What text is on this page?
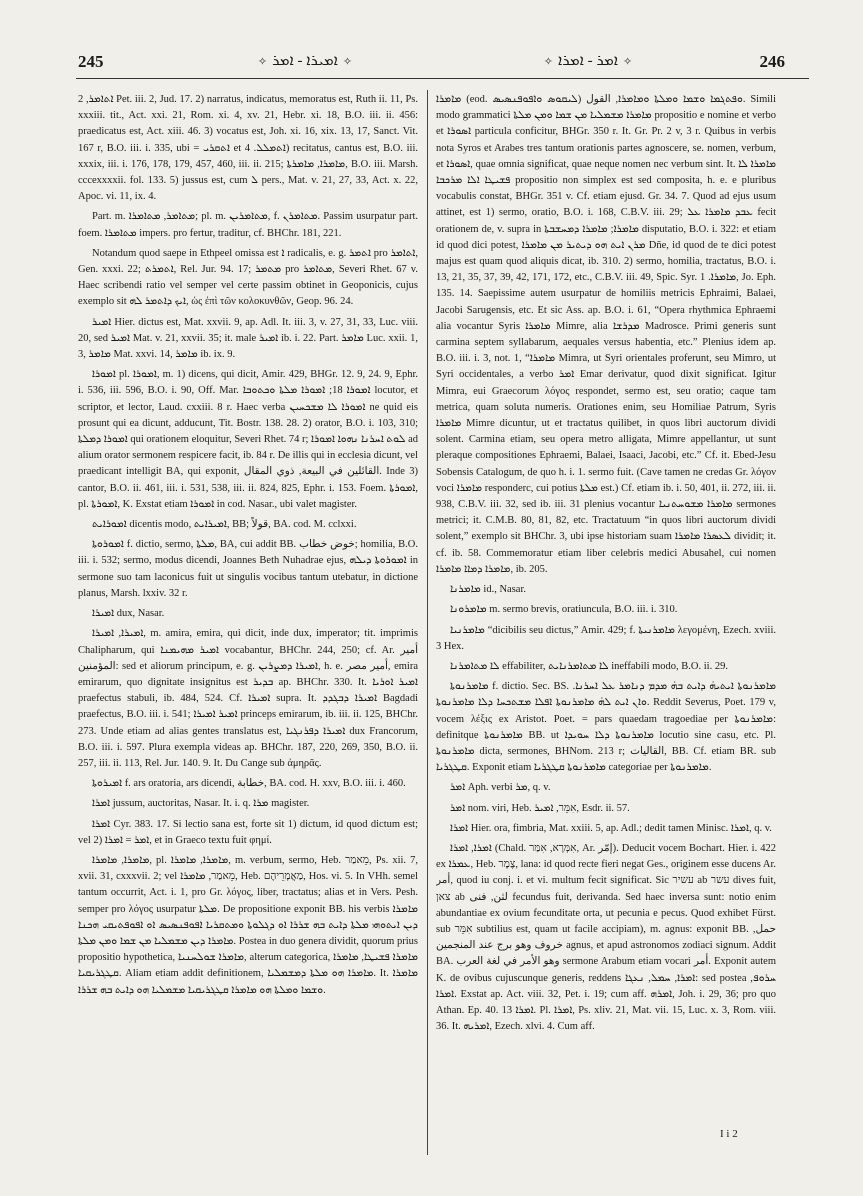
245	✧ ܐܡܝܪܐ - ܐܡܪ ✧	✧ ܐܡܪ - ܐܡܪܐ ✧	246

ܐܬܐܡܪ, 2 Pet. iii. 2, Jud. 17. 2) narratus, indicatus, memoratus est, Ruth ii. 11, Ps. xxxiii. tit., Act. xxi. 21, Rom. xi. 4, xv. 21, Hebr. xi. 18, B.O. iii. ii. 456: praedicatus est, Act. xiii. 46. 3) vocatus est, Joh. xi. 16, xix. 13, 17, Sanct. Vit. 167 r, B.O. iii. i. 335, ubi = ܐܬܩܪܝ et ܐܬܡܠܠ. 4) recitatus, cantus est, B.O. iii. xxxix, iii. i. 176, 178, 179, 457, 460, iii. ii. 215; ܡܐܡܪܐ, ܡܐܡܪܬܐ, B.O. iii. Marsh. cccexxxxii. fol. 133. 5) jussus est, cum ܠ pers., Mat. v. 21, 27, 33, Act. x. 22, Apoc. vi. 11, ix. 4.

Part. m. ܡܬܐܡܪ, ܡܬܐܡܪܐ; pl. m. ܡܬܐܡܪܝܢ, f. ܡܬܐܡܪܢ. Passim usurpatur part. foem. ܡܬܐܡܪܐ impers. pro fertur, traditur, cf. BHChr. 181, 221.

Notandum quod saepe in Ethpeel omissa est ܐ radicalis, e. g. ܐܬܡܪ pro ܐܬܐܡܪ, Gen. xxxi. 22; ܐܬܡܪܬ, Rel. Jur. 94. 17; ܡܬܡܪ pro ܡܬܐܡܪ, Severi Rhet. 67 v. Haec scribendi ratio vel semper vel certe passim obtinet in Geoponicis, cujus exemplo sit ܐܝܟ ܕܐܬܡܪ ܠܗ, ὡς ἐπὶ τῶν κολοκυνθῶν, Geop. 96. 24.

ܐܡܝܪ Hier. dictus est, Mat. xxvii. 9, ap. Adl. It. iii. 3, v. 27, 31, 33, Luc. viii. 20, sed ܐܡܝܪ Mat. v. 21, xxvii. 35; it. male ܐܡܝܪ ib. i. 22. Part. ܡܐܡܪ Luc. xxii. 1, 3, ܡܐܡܪ Mat. xxvi. 14, ܡܐܡܪ ib. ix. 9.

ܐܡܘܪܐ pl. ܐܡܘܪܐ, m. 1) dicens, qui dicit, Amir. 429, BHGr. 12. 9, 24. 9, Ephr. i. 536, iii. 596, B.O. i. 90, Off. Mar. ܐܡܘܪܐ 18; ܐܡܘܪܐ ܡܠܬܐ ܘܟܬܘܒܐ locutor, et scriptor, et lector, Laud. cxxiii. 8 r. Haec verba ܐܡܘܪܐ ܠܐ ܡܫܟܚܝܢ ne quid eis prosunt qui ea dicunt, adducunt, Tit. Bostr. 138. 28. 2) orator, B.O. i. 103, 310; ܐܡܘܪܐ ܕܡܠܬܐ qui orationem eloquitur, Severi Rhet. 74 r; ܠܘܬ ܐܚܪܢܐ ܢܗܘܐ ܐܡܘܪܐ ad alium orator sermonem respicere facit, ib. 84 r. De illis qui in ecclesia dicunt, vel praedicant intelligit BA, qui exponit, القائلين في البيعة, ذوي المقال. Inde 3) cantor, B.O. ii. 461, iii. i. 531, 538, iii. ii. 824, 825, Ephr. i. 153. Foem. ܐܡܘܪܬܐ, pl. ܐܡܘܪܬܐ, K. Exstat etiam ܐܡܘܪܐ in cod. Nasar., ubi valet magister.

ܐܡܘܪܐܝܬ dicentis modo, ܐܡܝܪܐܝܬ, BB; قولاً, BA. cod. M. cclxxi.

ܐܡܘܪܘܬܐ f. dictio, sermo, ܡܠܬܐ, BA, cui addit BB. خوض خطاب; homilia, B.O. iii. i. 532; sermo, modus dicendi, Joannes Beth Nuhadrae ejus, ܐܡܘܪܘܬܐ ܕܝܠܗ in sermone suo tam laconicus fuit ut singulis vocibus tantum utebatur, in dictione planus, Marsh. lxxiv. 32 r.

ܐܡܝܪܐ dux, Nasar.

ܐܡܝܪܐ, ܐܡܝܪܐ, m. amira, emira, qui dicit, inde dux, imperator; tit. imprimis Chalipharum, qui ܐܡܝܪ ܡܗܝܡܢܐ vocabantur, BHChr. 244, 250; cf. Ar. أمير المؤمنين: sed et aliorum principum, e. g. ܐܡܝܪܐ ܕܡܨܪܝܢ, h. e. أمير مصر, emira emirarum, quo dignitate insignitus est ܒܕܝܪ ap. BHChr. 330. It. ܐܡܝܪ ܐܘܪܝܐ praefectus stabuli, ib. 484, 524. Cf. ܐܡܝܪܐ supra. It. ܐܡܝܪܐ ܕܒܓܕܕ Bagdadi praefectus, B.O. iii. i. 541; ܐܡܝܪ ܐܡܝܪܐ princeps emirarum, ib. iii. ii. 125, BHChr. 273. Unde etiam ad alias gentes translatus est, ܐܡܝܪܐ ܕܦܪܢܓܝܐ dux Francorum, B.O. iii. i. 597. Plura exempla videas ap. BHChr. 187, 220, 269, 350, B.O. ii. 257, iii. ii. 113, Rel. Jur. 140. 9. It. Du Cange sub ἀμηρᾶς.

ܐܡܝܪܘܬܐ f. ars oratoria, ars dicendi, خطابة, BA. cod. H. xxv, B.O. iii. i. 460.

ܐܡܪܐ jussum, auctoritas, Nasar. It. i. q. ܡܪܐ magister.

ܐܡܪܐ Cyr. 383. 17. Si lectio sana est, forte sit 1) dictum, id quod dictum est; vel 2) ܐܡܪ = ܐܡܪܐ, et in Graeco textu fuit φημί.

ܡܐܡܪܐ, ܡܐܡܪܐ, pl. ܡܐܡܪܐ, ܡܐܡܪܐ, m. verbum, sermo, Heb. מֵאמַר, Ps. xii. 7, xvii. 31, cxxxvii. 2; vel מֵאמַר, ܡܐܡܪܐ, Heb. מַאֲמָרֵיהֶם, Hos. vi. 5. In VHh. semel tantum occurrit, Act. i. 1, pro Gr. λόγος, liber, tractatus; alias et in Vers. Pesh. semper pro λόγος usurpatur ܡܠܬܐ. De propositione exponit BB. his verbis ܡܐܡܪܐ ܕܝܢ ܐܝܬܘܗܝ ܡܠܬܐ ܕܐܝܬ ܒܗ ܫܪܪܐ ܐܘ ܕܓܠܘܬܐ ܘܡܬܩܪܝܐ ܐܦܘܦܢܣܝܣ ܐܘ ܐܦܘܦܬܝܩܝ ܗܟܢܐ ܡܐܡܪܐ ܕܝܢ ܡܫܡܠܝܐ ܡܢ ܫܡܐ ܘܡܢ ܡܠܬܐ. Postea in duo genera dividit, quorum prius propositio hypothetica, ܡܐܡܪܐ ܫܘܠܚܢܝܐ, alterum categorica, ܡܐܡܪܐ ܦܫܝܛܐ, ܡܐܡܪܐ ܩܛܓܪܝܩܝܐ. Aliam etiam addit definitionem, ܡܐܡܪܐ ܗܘ ܡܠܬܐ ܕܡܫܡܠܝܐ. It. ܡܐܡܪܐ ܘܫܡܐ ܘܡܠܬܐ ܗܘ ܡܐܡܪܐ ܩܛܓܪܝܩܝܐ ܡܫܡܠܝܐ ܗܘ ܕܐܝܬ ܒܗ ܫܪܪܐ.

ܡܐܡܪܐ (eod. ܠܝܩܘܣ ܘܐܦܘܦܢܣܝܣ) ܘܦܬܓܡܐ ܘܫܡܐ ܘܡܠܬܐ ܘܡܐܡܪܐ, القول. Simili modo grammatici ܡܐܡܪܐ ܡܫܡܠܝܐ ܡܢ ܫܡܐ ܘܡܢ ܡܠܬܐ propositio e nomine et verbo et ܐܣܘܪܐ particula conficitur, BHGr. 350 r. It. Gr. Pr. 2 v, 3 r. Quibus in verbis nota Syros et Arabes tres tantum orationis partes agnoscere, se. nomen, verbum, et ܐܣܘܪܐ, quae omnia significat, quae neque nomen nec verbum sint. It. ܡܐܡܪܐ ܠܐ ܦܫܝܛܐ ܐܠܐ ܡܪܟܒܐ propositio non simplex est sed composita, h. e. e pluribus vocabulis constat, BHGr. 351 v. Cf. etiam ejusd. Gr. 34. 7. Quod ad ejus usum attinet, est 1) sermo, oratio, B.O. i. 168, C.B.V. iii. 29; ܥܒܕ ܡܐܡܪܐ ܥܠ fecit orationem de, v. supra in ܡܐܡܪܐ; ܡܐܡܪܐ ܕܡܚܫܒܬܐ disputatio, B.O. i. 322: et etiam id quod dici potest, ܡܪܢ ܐܝܬ ܗܘ ܕܝܬܝܪ ܡܢ ܡܐܡܪܐ Dñe, id quod de te dici potest majus est quam quod aliquis dicat, ib. 310. 2) sermo, homilia, tractatus, B.O. i. 13, 21, 35, 37, 39, 42, 171, 172, etc., C.B.V. iii. 49, Spic. Syr. ܡܐܡܪܐ. 1, Jo. Eph. 135. 14. Saepissime autem usurpatur de homiliis metricis Ephraimi, Balaei, Jacobi Sarugensis, etc. Et sic Ass. ap. B.O. i. 61, “Opera rhythmica Ephraemi alia vocantur Syris ܡܐܡܪܐ Mimre, alia ܡܕܪܫܐ Madrosce. Primi generis sunt carmina septem syllabarum, aequales versus habentia, etc.” Plenius idem ap. B.O. iii. i. 3, not. 1, “ܡܐܡܪܐ Mimra, ut Syri orientales proferunt, seu Mimro, ut Syri occidentales, a verbo ܐܡܪ Emar derivatur, quod dixit significat. Igitur Mimra, eui Graecorum λόγος respondet, sermo est, seu oratio; caque tam metrica, quam soluta numeris. Orationes enim, seu Homiliae Patrum, Syris ܡܐܡܪܐ Mimre dicuntur, ut et tractatus quilibet, in quos libri auctorum dividi solent. Carmina etiam, seu opera metro alligata, Mimre appellantur, ut sunt pleraque compositiones Ephraemi, Balaei, Isaaci, Jacobi, etc.” Cf. it. Ebed-Jesu Sobensis Catalogum, de quo h. i. 1. sermo fuit. (Cave tamen ne credas Gr. λόγον voci ܡܐܡܪܐ responderc, cui potius ܡܠܬܐ est.) Cf. etiam ib. i. 50, 401, ii. 272, iii. ii. 938, C.B.V. iii. 32, sed ib. iii. 31 plenius vocantur ܡܐܡܪܐ ܡܫܘܚܬܢܝܐ sermones metrici; it. C.M.B. 80, 81, 82, etc. Tractatuum “in quos libri auctorum dividi solent,” exemplo sit BHChr. 3, ubi ipse historiam suam ܠܥܣܪܐ ܡܐܡܪܐ dividit; it. cf. ib. 58. Commemoratur etiam liber celebris medici Abusahel, cui nomen ܡܐܡܪܐ ܕܡܐܐ ܡܐܡܪܐ, ib. 205.

ܡܐܡܪܢܐ id., Nasar.

ܡܐܡܪܘܢܐ m. sermo brevis, oratiuncula, B.O. iii. i. 310.

ܡܐܡܪܢܝܐ “dicibilis seu dictus,” Amir. 429; f. ܡܐܡܪܢܝܬܐ λεγομένη, Ezech. xviii. 3 Hex.

ܠܐ ܡܬܐܡܪܢܐ effabiliter, ܠܐ ܡܬܐܡܪܢܐܝܬ ineffabili modo, B.O. ii. 29.

ܡܐܡܪܢܘܬܐ f. dictio. Sec. BS. ܡܐܡܪܢܘܬܐ ܐܝܬܝܗ̇ ܕܐܝܬ ܒܗ̇ ܡܕܡ ܕܢܐܡܪ ܥܠ ܐܚܪܢܐ. ܘܐܢ ܐܝܬ ܠܗ̇ ܡܐܡܪܢܘܬܐ ܐܦܠܐ ܡܫܬܟܚܐ ܕܠܐ ܡܐܡܪܢܘܬܐ. Reddit Severus, Poet. 179 v, vocem λέξις ex Aristot. Poet. = pars quaedam tragoediae per ܡܐܡܪܢܘܬܐ: definitque ܡܐܡܪܢܘܬܐ BB. ut ܡܐܡܪܢܘܬܐ ܕܠܐ ܚܘܝܕܐ locutio sine casu, etc. Pl. ܡܐܡܪܢܘܬܐ dicta, sermones, BHNom. 213 r; القاليات, BB. Cf. etiam BR. sub ܩܛܓܪܝܐ. Exponit etiam ܡܐܡܪܢܘܬܐ ܩܛܓܪܝܐ categoriae per ܡܐܡܪܢܘܬܐ.

ܐܡܪ Aph. verbi ܡܪ, q. v.

ܐܡܪ nom. viri, Heb. אִמֵּר, ܐܡܝܪ, Esdr. ii. 57.

ܐܡܪܐ Hier. ora, fimbria, Mat. xxiii. 5, ap. Adl.; dedit tamen Minisc. ܐܡܪܐ, q. v.

ܐܡܪܐ, ܐܡܪܐ (Chald. אִמְּרָא, אִמַּר, Ar. إمّر). Deducit vocem Bochart. Hier. i. 422 ex ܥܡܪܐ, Heb. צֶמֶר, lana: id quod recte fieri negat Ges., originem esse ducens Ar. أمر, quod iu conj. i. et vi. multum fecit significat. Sic עשיר ab עשר dives fuit, צאן ab لثن, فنى fecundus fuit, derivanda. Sed haec inversa sunt: notio enim abundantiae ex ovium fecunditate orta, ut pecunia e pecus. Quod exhibet Fürst. sub אִמֵּר subtilius est, quam ut facile accipiam), m. agnus: exponit BB. حمل, خروف وهو برج عند المنجمين agnus, et apud astronomos zodiaci signum. Addit BA. وهو الأمر في لغة العرب sermone Arabum etiam vocari أمر. Exponit autem K. de ovibus cujuscunque generis, reddens ܐܡܪܐ, ܚܡܠ, ܢܥܓܐ: sed postea ܚܪܘܦ, ܐܡܪܐ. Exstat ap. Act. viii. 32, Pet. i. 19; cum aff. ܐܡܪܗ, Joh. i. 29, 36; pro quo Athan. Ep. 40. 13 ܐܡܪܐ. Pl. ܐܡܪܐ, Ps. xliv. 21, Mat. vii. 15, Luc. x. 3, Rom. viii. 36. It. ܐܡܪܝܗ, Ezech. xlvi. 4. Cum aff.

I i 2
